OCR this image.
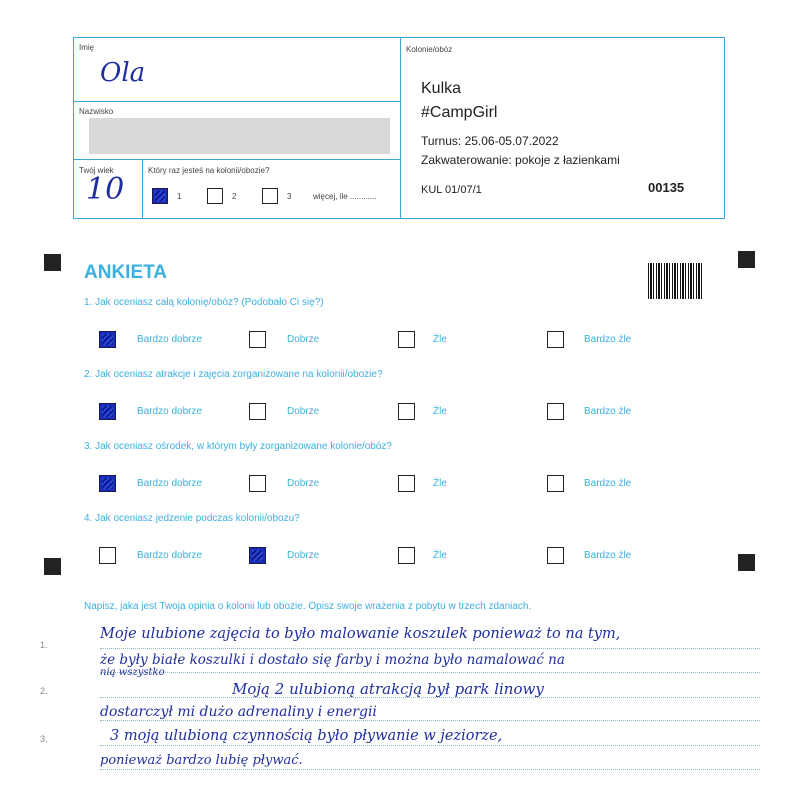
Imię
Ola
Nazwisko
Twój wiek
10
Który raz jesteś na kolonii/obozie?
1	2	3	więcej, ile ............
Kolonie/obóz
Kulka
#CampGirl
Turnus: 25.06-05.07.2022
Zakwaterowanie: pokoje z łazienkami
KUL 01/07/1	00135
ANKIETA
1. Jak oceniasz całą kolonię/obóz? (Podobało Ci się?)
Bardzo dobrze	Dobrze	Źle	Bardzo źle
2. Jak oceniasz atrakcje i zajęcia zorganizowane na kolonii/obozie?
Bardzo dobrze	Dobrze	Źle	Bardzo źle
3. Jak oceniasz ośrodek, w którym były zorganizowane kolonie/obóz?
Bardzo dobrze	Dobrze	Źle	Bardzo źle
4. Jak oceniasz jedzenie podczas kolonii/obozu?
Bardzo dobrze	Dobrze	Źle	Bardzo źle
Napisz, jaka jest Twoja opinia o kolonii lub obozie. Opisz swoje wrażenia z pobytu w trzech zdaniach.
1.
2.
3.
Moje ulubione zajęcia to było malowanie koszulek ponieważ to na tym,
że były białe koszulki i dostało się farby i można było namalować na
nią wszystko
Moją 2 ulubioną atrakcją był park linowy
dostarczył mi dużo adrenaliny i energii
3 moją ulubioną czynnością było pływanie w jeziorze,
ponieważ bardzo lubię pływać.
